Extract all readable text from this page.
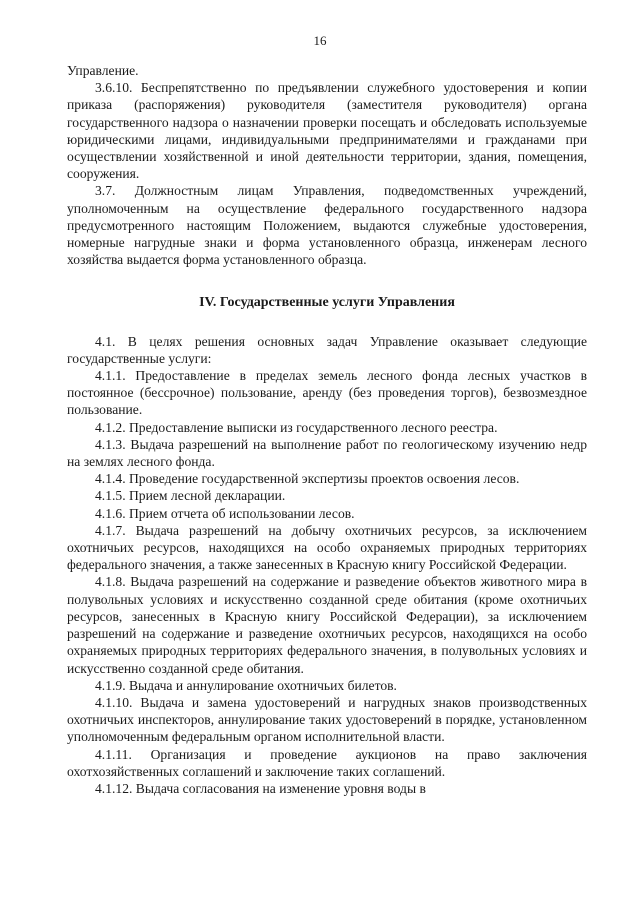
16

Управление.

3.6.10. Беспрепятственно по предъявлении служебного удостоверения и копии приказа (распоряжения) руководителя (заместителя руководителя) органа государственного надзора о назначении проверки посещать и обследовать используемые юридическими лицами, индивидуальными предпринимателями и гражданами при осуществлении хозяйственной и иной деятельности территории, здания, помещения, сооружения.

3.7. Должностным лицам Управления, подведомственных учреждений, уполномоченным на осуществление федерального государственного надзора предусмотренного настоящим Положением, выдаются служебные удостоверения, номерные нагрудные знаки и форма установленного образца, инженерам лесного хозяйства выдается форма установленного образца.

IV. Государственные услуги Управления

4.1. В целях решения основных задач Управление оказывает следующие государственные услуги:

4.1.1. Предоставление в пределах земель лесного фонда лесных участков в постоянное (бессрочное) пользование, аренду (без проведения торгов), безвозмездное пользование.

4.1.2. Предоставление выписки из государственного лесного реестра.

4.1.3. Выдача разрешений на выполнение работ по геологическому изучению недр на землях лесного фонда.

4.1.4. Проведение государственной экспертизы проектов освоения лесов.

4.1.5. Прием лесной декларации.

4.1.6. Прием отчета об использовании лесов.

4.1.7. Выдача разрешений на добычу охотничьих ресурсов, за исключением охотничьих ресурсов, находящихся на особо охраняемых природных территориях федерального значения, а также занесенных в Красную книгу Российской Федерации.

4.1.8. Выдача разрешений на содержание и разведение объектов животного мира в полувольных условиях и искусственно созданной среде обитания (кроме охотничьих ресурсов, занесенных в Красную книгу Российской Федерации), за исключением разрешений на содержание и разведение охотничьих ресурсов, находящихся на особо охраняемых природных территориях федерального значения, в полувольных условиях и искусственно созданной среде обитания.

4.1.9. Выдача и аннулирование охотничьих билетов.

4.1.10. Выдача и замена удостоверений и нагрудных знаков производственных охотничьих инспекторов, аннулирование таких удостоверений в порядке, установленном уполномоченным федеральным органом исполнительной власти.

4.1.11. Организация и проведение аукционов на право заключения охотхозяйственных соглашений и заключение таких соглашений.

4.1.12. Выдача согласования на изменение уровня воды в
